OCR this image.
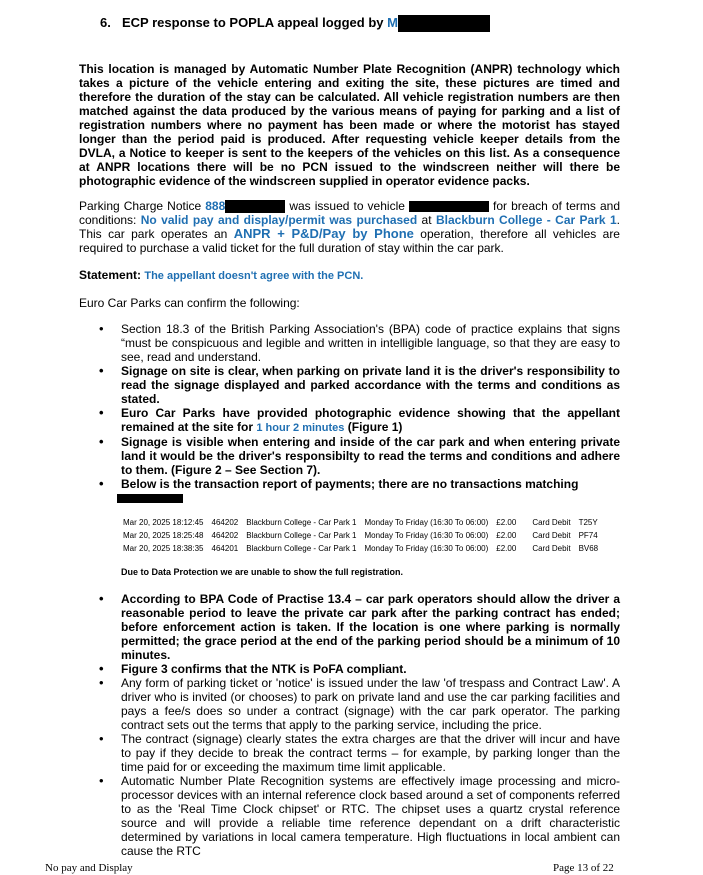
6. ECP response to POPLA appeal logged by M
This location is managed by Automatic Number Plate Recognition (ANPR) technology which takes a picture of the vehicle entering and exiting the site, these pictures are timed and therefore the duration of the stay can be calculated. All vehicle registration numbers are then matched against the data produced by the various means of paying for parking and a list of registration numbers where no payment has been made or where the motorist has stayed longer than the period paid is produced. After requesting vehicle keeper details from the DVLA, a Notice to keeper is sent to the keepers of the vehicles on this list. As a consequence at ANPR locations there will be no PCN issued to the windscreen neither will there be photographic evidence of the windscreen supplied in operator evidence packs.
Parking Charge Notice 888	was issued to vehicle	for breach of terms and conditions: No valid pay and display/permit was purchased at Blackburn College - Car Park 1. This car park operates an ANPR + P&D/Pay by Phone operation, therefore all vehicles are required to purchase a valid ticket for the full duration of stay within the car park.
Statement: The appellant doesn't agree with the PCN.
Euro Car Parks can confirm the following:
• Section 18.3 of the British Parking Association's (BPA) code of practice explains that signs “must be conspicuous and legible and written in intelligible language, so that they are easy to see, read and understand.
• Signage on site is clear, when parking on private land it is the driver's responsibility to read the signage displayed and parked accordance with the terms and conditions as stated.
• Euro Car Parks have provided photographic evidence showing that the appellant remained at the site for 1 hour 2 minutes (Figure 1)
• Signage is visible when entering and inside of the car park and when entering private land it would be the driver's responsibilty to read the terms and conditions and adhere to them. (Figure 2 – See Section 7).
• Below is the transaction report of payments; there are no transactions matching

Mar 20, 2025 18:12:45	464202	Blackburn College - Car Park 1	Monday To Friday (16:30 To 06:00)	£2.00	Card Debit	T25Y
Mar 20, 2025 18:25:48	464202	Blackburn College - Car Park 1	Monday To Friday (16:30 To 06:00)	£2.00	Card Debit	PF74
Mar 20, 2025 18:38:35	464201	Blackburn College - Car Park 1	Monday To Friday (16:30 To 06:00)	£2.00	Card Debit	BV68
Due to Data Protection we are unable to show the full registration.
• According to BPA Code of Practise 13.4 – car park operators should allow the driver a reasonable period to leave the private car park after the parking contract has ended; before enforcement action is taken. If the location is one where parking is normally permitted; the grace period at the end of the parking period should be a minimum of 10 minutes.
• Figure 3 confirms that the NTK is PoFA compliant.
• Any form of parking ticket or 'notice' is issued under the law 'of trespass and Contract Law'. A driver who is invited (or chooses) to park on private land and use the car parking facilities and pays a fee/s does so under a contract (signage) with the car park operator. The parking contract sets out the terms that apply to the parking service, including the price.
• The contract (signage) clearly states the extra charges are that the driver will incur and have to pay if they decide to break the contract terms – for example, by parking longer than the time paid for or exceeding the maximum time limit applicable.
• Automatic Number Plate Recognition systems are effectively image processing and micro-processor devices with an internal reference clock based around a set of components referred to as the 'Real Time Clock chipset' or RTC. The chipset uses a quartz crystal reference source and will provide a reliable time reference dependant on a drift characteristic determined by variations in local camera temperature. High fluctuations in local ambient can cause the RTC
No pay and Display	Page 13 of 22
